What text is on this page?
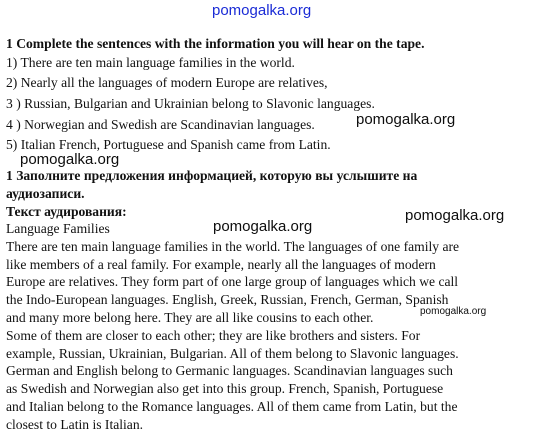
pomogalka.org
pomogalka.org
pomogalka.org
pomogalka.org
pomogalka.org
pomogalka.org
1 Complete the sentences with the information you will hear on the tape.
1) There are ten main language families in the world.
2) Nearly all the languages of modern Europe are relatives,
3 ) Russian, Bulgarian and Ukrainian belong to Slavonic languages.
4 ) Norwegian and Swedish are Scandinavian languages.
5) Italian French, Portuguese and Spanish came from Latin.
1 Заполните предложения информацией, которую вы услышите на
аудиозаписи.
Текст аудирования:
Language Families
There are ten main language families in the world. The languages of one family are
like members of a real family. For example, nearly all the languages of modern
Europe are relatives. They form part of one large group of languages which we call
the Indo-European languages. English, Greek, Russian, French, German, Spanish
and many more belong here. They are all like cousins to each other.
Some of them are closer to each other; they are like brothers and sisters. For
example, Russian, Ukrainian, Bulgarian. All of them belong to Slavonic languages.
German and English belong to Germanic languages. Scandinavian languages such
as Swedish and Norwegian also get into this group. French, Spanish, Portuguese
and Italian belong to the Romance languages. All of them came from Latin, but the
closest to Latin is Italian.
